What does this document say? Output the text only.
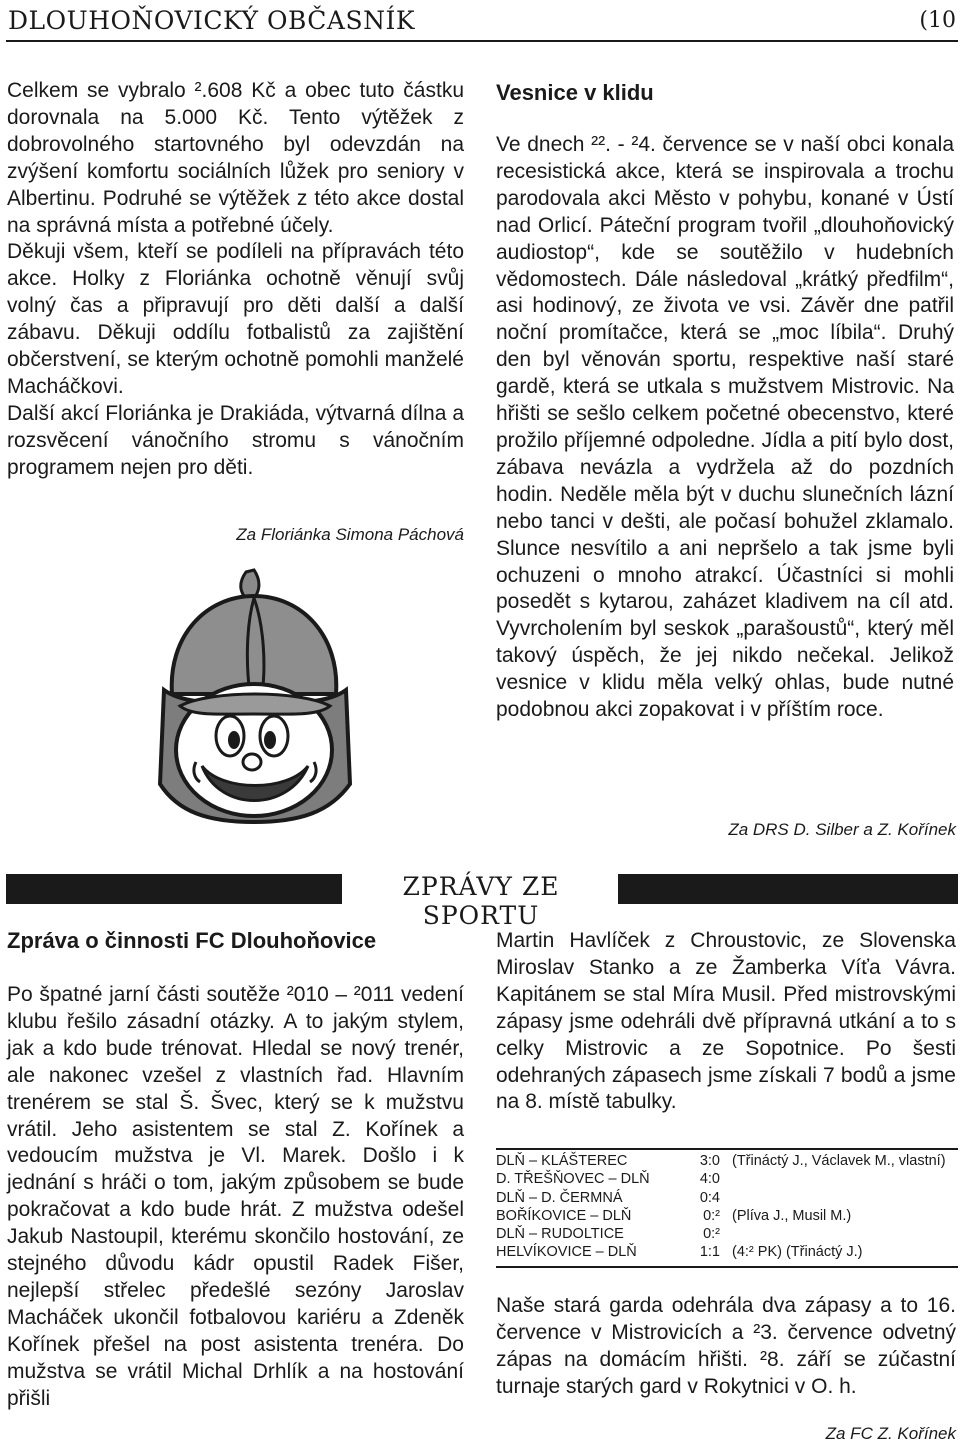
DLOUHOŇOVICKÝ OBČASNÍK	(10

Celkem se vybralo ².608 Kč a obec tuto částku dorovnala na 5.000 Kč. Tento výtěžek z dobrovolného startovného byl odevzdán na zvýšení komfortu sociálních lůžek pro seniory v Albertinu. Podruhé se výtěžek z této akce dostal na správná místa a potřebné účely.

Děkuji všem, kteří se podíleli na přípravách této akce. Holky z Floriánka ochotně věnují svůj volný čas a připravují pro děti další a další zábavu. Děkuji oddílu fotbalistů za zajištění občerstvení, se kterým ochotně pomohli manželé Macháčkovi.

Další akcí Floriánka je Drakiáda, výtvarná dílna a rozsvěcení vánočního stromu s vánočním programem nejen pro děti.

Za Floriánka Simona Páchová
Vesnice v klidu

Ve dnech ²². - ²4. července se v naší obci konala recesistická akce, která se inspirovala a trochu parodovala akci Město v pohybu, konané v Ústí nad Orlicí. Páteční program tvořil „dlouhoňovický audiostop“, kde se soutěžilo v hudebních vědomostech. Dále následoval „krátký předfilm“, asi hodinový, ze života ve vsi. Závěr dne patřil noční promítačce, která se „moc líbila“. Druhý den byl věnován sportu, respektive naší staré gardě, která se utkala s mužstvem Mistrovic. Na hřišti se sešlo celkem početné obecenstvo, které prožilo příjemné odpoledne. Jídla a pití bylo dost, zábava nevázla a vydržela až do pozdních hodin. Neděle měla být v duchu slunečních lázní nebo tanci v dešti, ale počasí bohužel zklamalo. Slunce nesvítilo a ani nepršelo a tak jsme byli ochuzeni o mnoho atrakcí. Účastníci si mohli posedět s kytarou, zaházet kladivem na cíl atd. Vyvrcholením byl seskok „parašoustů“, který měl takový úspěch, že jej nikdo nečekal. Jelikož vesnice v klidu měla velký ohlas, bude nutné podobnou akci zopakovat i v příštím roce.

Za DRS D. Silber a Z. Kořínek
ZPRÁVY ZE SPORTU
Zpráva o činnosti FC Dlouhoňovice

Po špatné jarní části soutěže ²010 – ²011 vedení klubu řešilo zásadní otázky. A to jakým stylem, jak a kdo bude trénovat. Hledal se nový trenér, ale nakonec vzešel z vlastních řad. Hlavním trenérem se stal Š. Švec, který se k mužstvu vrátil. Jeho asistentem se stal Z. Kořínek a vedoucím mužstva je Vl. Marek. Došlo i k jednání s hráči o tom, jakým způsobem se bude pokračovat a kdo bude hrát. Z mužstva odešel Jakub Nastoupil, kterému skončilo hostování, ze stejného důvodu kádr opustil Radek Fišer, nejlepší střelec předešlé sezóny Jaroslav Macháček ukončil fotbalovou kariéru a Zdeněk Kořínek přešel na post asistenta trenéra. Do mužstva se vrátil Michal Drhlík a na hostování přišli

Martin Havlíček z Chroustovic, ze Slovenska Miroslav Stanko a ze Žamberka Víťa Vávra. Kapitánem se stal Míra Musil. Před mistrovskými zápasy jsme odehráli dvě přípravná utkání a to s celky Mistrovic a ze Sopotnice. Po šesti odehraných zápasech jsme získali 7 bodů a jsme na 8. místě tabulky.

DLŇ – KLÁŠTEREC	3:0	(Třináctý J., Václavek M., vlastní)
D. TŘEŠŇOVEC – DLŇ	4:0	
DLŇ – D. ČERMNÁ	0:4	
BOŘÍKOVICE – DLŇ	0:²	(Plíva J., Musil M.)
DLŇ – RUDOLTICE	0:²	
HELVÍKOVICE – DLŇ	1:1	(4:² PK) (Třináctý J.)

Naše stará garda odehrála dva zápasy a to 16. července v Mistrovicích a ²3. července odvetný zápas na domácím hřišti. ²8. září se zúčastní turnaje starých gard v Rokytnici v O. h.

Za FC Z. Kořínek
